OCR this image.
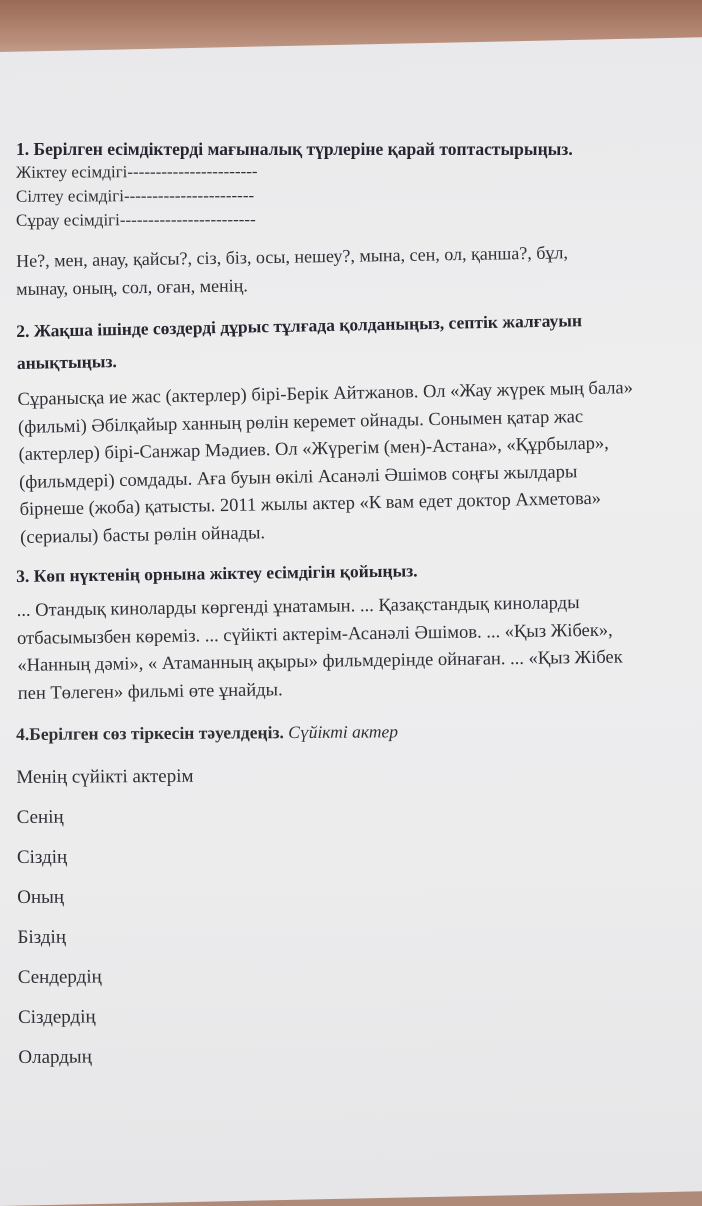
1. Берілген есімдіктерді мағыналық түрлеріне қарай топтастырыңыз.

Жіктеу есімдігі-----------------------

Сілтеу есімдігі-----------------------

Сұрау есімдігі------------------------

Не?, мен, анау, қайсы?, сіз, біз, осы, нешеу?, мына, сен, ол, қанша?, бұл,

мынау, оның, сол, оған, менің.

2. Жақша ішінде сөздерді дұрыс тұлғада қолданыңыз, септік жалғауын

анықтыңыз.

Сұраныcқа ие жас (актерлер) бірі-Берік Айтжанов. Ол «Жау жүрек мың бала»

(фильмі) Әбілқайыр ханның рөлін керемет ойнады. Сонымен қатар жас

(актерлер) бірі-Санжар Мәдиев. Ол «Жүрегім (мен)-Астана», «Құрбылар»,

(фильмдері) сомдады. Аға буын өкілі Асанәлі Әшімов соңғы жылдары

бірнеше (жоба) қатысты. 2011 жылы актер «К вам едет доктор Ахметова»

(сериалы) басты рөлін ойнады.

3. Көп нүктенің орнына жіктеу есімдігін қойыңыз.

... Отандық киноларды көргенді ұнатамын. ... Қазақстандық киноларды

отбасымызбен көреміз. ... сүйікті актерім-Асанәлі Әшімов. ... «Қыз Жібек»,

«Нанның дәмі», « Атаманның ақыры» фильмдерінде ойнаған. ... «Қыз Жібек

пен Төлеген» фильмі өте ұнайды.

4.Берілген сөз тіркесін тәуелдеңіз. Сүйікті актер

Менің сүйікті актерім

Сенің

Сіздің

Оның

Біздің

Сендердің

Сіздердің

Олардың
